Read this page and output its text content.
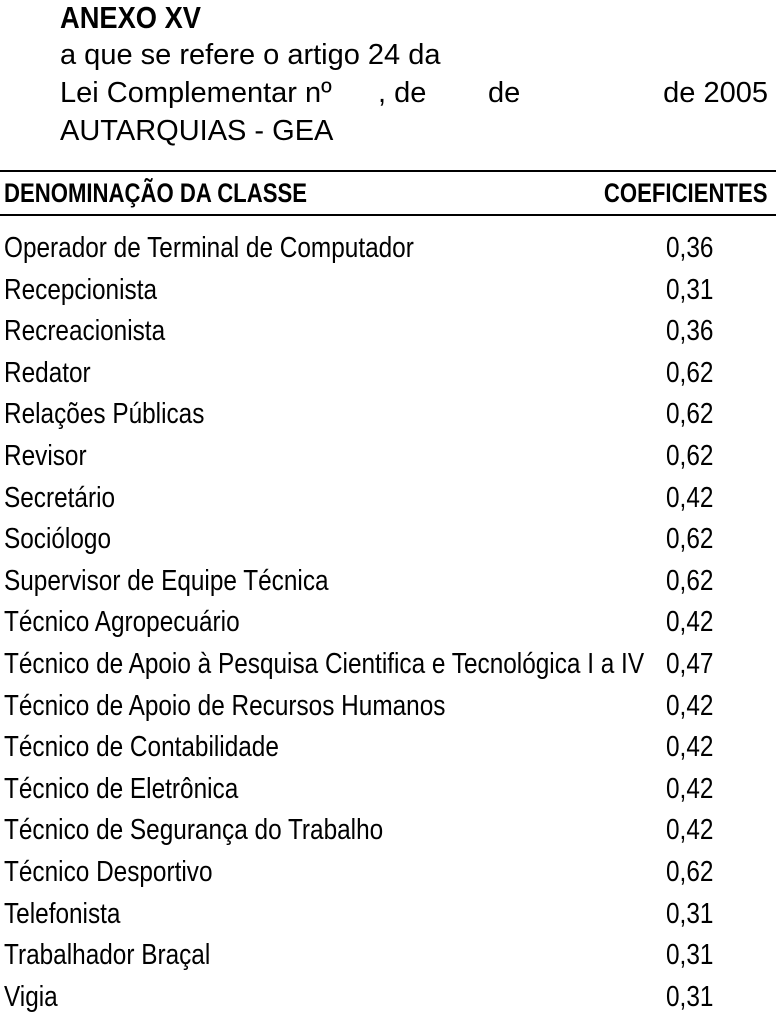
ANEXO XV
a que se refere o artigo 24 da
Lei Complementar nº , de de	de 2005
AUTARQUIAS - GEA
DENOMINAÇÃO DA CLASSE	COEFICIENTES
Operador de Terminal de Computador	0,36
Recepcionista	0,31
Recreacionista	0,36
Redator	0,62
Relações Públicas	0,62
Revisor	0,62
Secretário	0,42
Sociólogo	0,62
Supervisor de Equipe Técnica	0,62
Técnico Agropecuário	0,42
Técnico de Apoio à Pesquisa Cientifica e Tecnológica I a IV 0,47
Técnico de Apoio de Recursos Humanos	0,42
Técnico de Contabilidade	0,42
Técnico de Eletrônica	0,42
Técnico de Segurança do Trabalho	0,42
Técnico Desportivo	0,62
Telefonista	0,31
Trabalhador Braçal	0,31
Vigia	0,31
